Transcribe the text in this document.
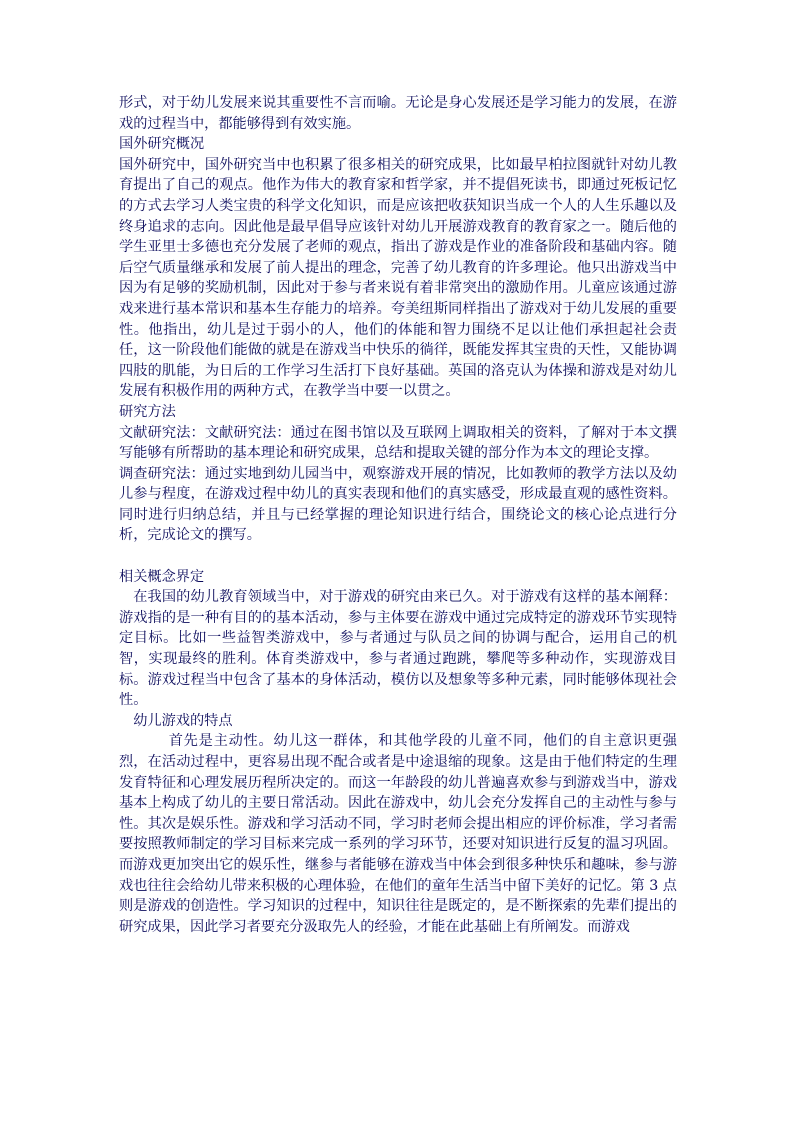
形式，对于幼儿发展来说其重要性不言而喻。无论是身心发展还是学习能力的发展，在游戏的过程当中，都能够得到有效实施。

国外研究概况

国外研究中，国外研究当中也积累了很多相关的研究成果，比如最早柏拉图就针对幼儿教育提出了自己的观点。他作为伟大的教育家和哲学家，并不提倡死读书，即通过死板记忆的方式去学习人类宝贵的科学文化知识，而是应该把收获知识当成一个人的人生乐趣以及终身追求的志向。因此他是最早倡导应该针对幼儿开展游戏教育的教育家之一。随后他的学生亚里士多德也充分发展了老师的观点，指出了游戏是作业的准备阶段和基础内容。随后空气质量继承和发展了前人提出的理念，完善了幼儿教育的许多理论。他只出游戏当中因为有足够的奖励机制，因此对于参与者来说有着非常突出的激励作用。儿童应该通过游戏来进行基本常识和基本生存能力的培养。夸美纽斯同样指出了游戏对于幼儿发展的重要性。他指出，幼儿是过于弱小的人，他们的体能和智力围绕不足以让他们承担起社会责任，这一阶段他们能做的就是在游戏当中快乐的徜徉，既能发挥其宝贵的天性，又能协调四肢的肌能，为日后的工作学习生活打下良好基础。英国的洛克认为体操和游戏是对幼儿发展有积极作用的两种方式，在教学当中要一以贯之。

研究方法

文献研究法：文献研究法：通过在图书馆以及互联网上调取相关的资料，了解对于本文撰写能够有所帮助的基本理论和研究成果，总结和提取关键的部分作为本文的理论支撑。

调查研究法：通过实地到幼儿园当中，观察游戏开展的情况，比如教师的教学方法以及幼儿参与程度，在游戏过程中幼儿的真实表现和他们的真实感受，形成最直观的感性资料。同时进行归纳总结，并且与已经掌握的理论知识进行结合，围绕论文的核心论点进行分析，完成论文的撰写。

相关概念界定

在我国的幼儿教育领域当中，对于游戏的研究由来已久。对于游戏有这样的基本阐释：游戏指的是一种有目的的基本活动，参与主体要在游戏中通过完成特定的游戏环节实现特定目标。比如一些益智类游戏中，参与者通过与队员之间的协调与配合，运用自己的机智，实现最终的胜利。体育类游戏中，参与者通过跑跳，攀爬等多种动作，实现游戏目标。游戏过程当中包含了基本的身体活动，模仿以及想象等多种元素，同时能够体现社会性。

幼儿游戏的特点

首先是主动性。幼儿这一群体，和其他学段的儿童不同，他们的自主意识更强烈，在活动过程中，更容易出现不配合或者是中途退缩的现象。这是由于他们特定的生理发育特征和心理发展历程所决定的。而这一年龄段的幼儿普遍喜欢参与到游戏当中，游戏基本上构成了幼儿的主要日常活动。因此在游戏中，幼儿会充分发挥自己的主动性与参与性。其次是娱乐性。游戏和学习活动不同，学习时老师会提出相应的评价标准，学习者需要按照教师制定的学习目标来完成一系列的学习环节，还要对知识进行反复的温习巩固。而游戏更加突出它的娱乐性，继参与者能够在游戏当中体会到很多种快乐和趣味，参与游戏也往往会给幼儿带来积极的心理体验，在他们的童年生活当中留下美好的记忆。第 3 点则是游戏的创造性。学习知识的过程中，知识往往是既定的，是不断探索的先辈们提出的研究成果，因此学习者要充分汲取先人的经验，才能在此基础上有所阐发。而游戏
